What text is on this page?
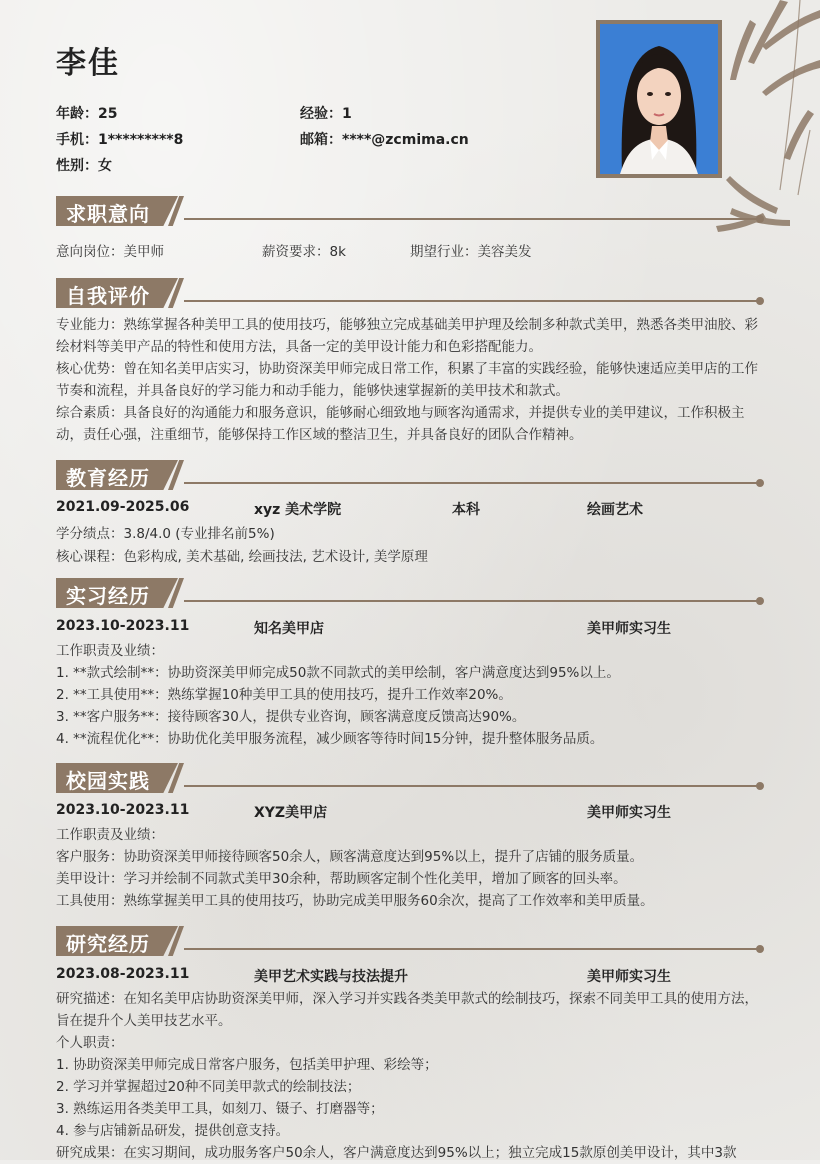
李佳
年龄：25	经验：1
手机：1*********8	邮箱：****@zcmima.cn
性别：女
求职意向
意向岗位：美甲师	薪资要求：8k	期望行业：美容美发
自我评价
专业能力：熟练掌握各种美甲工具的使用技巧，能够独立完成基础美甲护理及绘制多种款式美甲，熟悉各类甲油胶、彩绘材料等美甲产品的特性和使用方法，具备一定的美甲设计能力和色彩搭配能力。
核心优势：曾在知名美甲店实习，协助资深美甲师完成日常工作，积累了丰富的实践经验，能够快速适应美甲店的工作节奏和流程，并具备良好的学习能力和动手能力，能够快速掌握新的美甲技术和款式。
综合素质：具备良好的沟通能力和服务意识，能够耐心细致地与顾客沟通需求，并提供专业的美甲建议，工作积极主动，责任心强，注重细节，能够保持工作区域的整洁卫生，并具备良好的团队合作精神。
教育经历
2021.09-2025.06	xyz 美术学院	本科	绘画艺术
学分绩点：3.8/4.0 (专业排名前5%)
核心课程：色彩构成, 美术基础, 绘画技法, 艺术设计, 美学原理
实习经历
2023.10-2023.11	知名美甲店	美甲师实习生
工作职责及业绩：
1. **款式绘制**：协助资深美甲师完成50款不同款式的美甲绘制，客户满意度达到95%以上。
2. **工具使用**：熟练掌握10种美甲工具的使用技巧，提升工作效率20%。
3. **客户服务**：接待顾客30人，提供专业咨询，顾客满意度反馈高达90%。
4. **流程优化**：协助优化美甲服务流程，减少顾客等待时间15分钟，提升整体服务品质。
校园实践
2023.10-2023.11	XYZ美甲店	美甲师实习生
工作职责及业绩：
客户服务：协助资深美甲师接待顾客50余人，顾客满意度达到95%以上，提升了店铺的服务质量。
美甲设计：学习并绘制不同款式美甲30余种，帮助顾客定制个性化美甲，增加了顾客的回头率。
工具使用：熟练掌握美甲工具的使用技巧，协助完成美甲服务60余次，提高了工作效率和美甲质量。
研究经历
2023.08-2023.11	美甲艺术实践与技法提升	美甲师实习生
研究描述：在知名美甲店协助资深美甲师，深入学习并实践各类美甲款式的绘制技巧，探索不同美甲工具的使用方法，旨在提升个人美甲技艺水平。
个人职责：
1. 协助资深美甲师完成日常客户服务，包括美甲护理、彩绘等；
2. 学习并掌握超过20种不同美甲款式的绘制技法；
3. 熟练运用各类美甲工具，如刻刀、镊子、打磨器等；
4. 参与店铺新品研发，提供创意支持。
研究成果：在实习期间，成功服务客户50余人，客户满意度达到95%以上；独立完成15款原创美甲设计，其中3款
